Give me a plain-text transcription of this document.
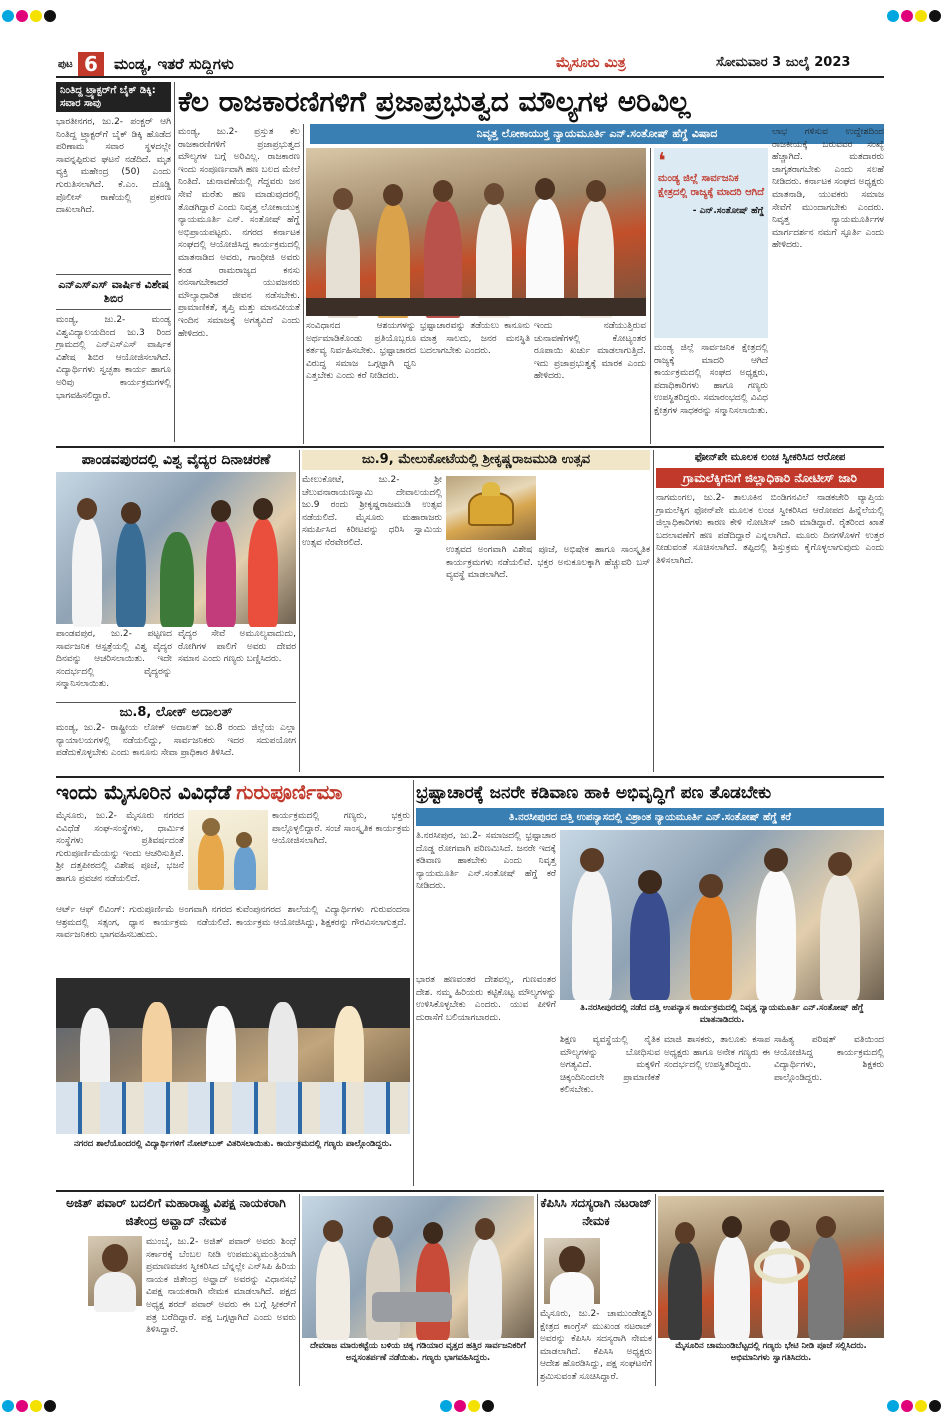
ಪುಟ 6	ಮಂಡ್ಯ, ಇತರೆ ಸುದ್ದಿಗಳು	ಮೈಸೂರು ಮಿತ್ರ	ಸೋಮವಾರ 3 ಜುಲೈ 2023
ನಿಂತಿದ್ದ ಟ್ರ್ಯಾಕ್ಟರ್‌ಗೆ ಬೈಕ್ ಡಿಕ್ಕಿ: ಸವಾರ ಸಾವು
ಭಾರತೀನಗರ, ಜು.2- ಪಂಕ್ಚರ್ ಆಗಿ ನಿಂತಿದ್ದ ಟ್ರ್ಯಾಕ್ಟರ್‌ಗೆ ಬೈಕ್ ಡಿಕ್ಕಿ ಹೊಡೆದ ಪರಿಣಾಮ ಸವಾರ ಸ್ಥಳದಲ್ಲೇ ಸಾವನ್ನಪ್ಪಿರುವ ಘಟನೆ ನಡೆದಿದೆ. ಮೃತ ವ್ಯಕ್ತಿ ಮಹೇಂದ್ರ (50) ಎಂದು ಗುರುತಿಸಲಾಗಿದೆ. ಕೆ.ಎಂ. ದೊಡ್ಡಿ ಪೊಲೀಸ್ ಠಾಣೆಯಲ್ಲಿ ಪ್ರಕರಣ ದಾಖಲಾಗಿದೆ.
ಎನ್‌ಎಸ್‌ಎಸ್ ವಾರ್ಷಿಕ ವಿಶೇಷ ಶಿಬಿರ
ಮಂಡ್ಯ, ಜು.2- ಮಂಡ್ಯ ವಿಶ್ವವಿದ್ಯಾಲಯದಿಂದ ಜು.3 ರಿಂದ ಗ್ರಾಮದಲ್ಲಿ ಎನ್‌ಎಸ್‌ಎಸ್ ವಾರ್ಷಿಕ ವಿಶೇಷ ಶಿಬಿರ ಆಯೋಜಿಸಲಾಗಿದೆ. ವಿದ್ಯಾರ್ಥಿಗಳು ಸ್ವಚ್ಛತಾ ಕಾರ್ಯ ಹಾಗೂ ಅರಿವು ಕಾರ್ಯಕ್ರಮಗಳಲ್ಲಿ ಭಾಗವಹಿಸಲಿದ್ದಾರೆ.
ಕೆಲ ರಾಜಕಾರಣಿಗಳಿಗೆ ಪ್ರಜಾಪ್ರಭುತ್ವದ ಮೌಲ್ಯಗಳ ಅರಿವಿಲ್ಲ
ನಿವೃತ್ತ ಲೋಕಾಯುಕ್ತ ನ್ಯಾಯಮೂರ್ತಿ ಎನ್.ಸಂತೋಷ್ ಹೆಗ್ಡೆ ವಿಷಾದ
ಮಂಡ್ಯ, ಜು.2- ಪ್ರಸ್ತುತ ಕೆಲ ರಾಜಕಾರಣಿಗಳಿಗೆ ಪ್ರಜಾಪ್ರಭುತ್ವದ ಮೌಲ್ಯಗಳ ಬಗ್ಗೆ ಅರಿವಿಲ್ಲ. ರಾಜಕಾರಣ ಇಂದು ಸಂಪೂರ್ಣವಾಗಿ ಹಣ ಬಲದ ಮೇಲೆ ನಿಂತಿದೆ. ಚುನಾವಣೆಯಲ್ಲಿ ಗೆದ್ದವರು ಜನ ಸೇವೆ ಮರೆತು ಹಣ ಮಾಡುವುದರಲ್ಲಿ ತೊಡಗಿದ್ದಾರೆ ಎಂದು ನಿವೃತ್ತ ಲೋಕಾಯುಕ್ತ ನ್ಯಾಯಮೂರ್ತಿ ಎನ್. ಸಂತೋಷ್ ಹೆಗ್ಡೆ ಅಭಿಪ್ರಾಯಪಟ್ಟರು. ನಗರದ ಕರ್ನಾಟಕ ಸಂಘದಲ್ಲಿ ಆಯೋಜಿಸಿದ್ದ ಕಾರ್ಯಕ್ರಮದಲ್ಲಿ ಮಾತನಾಡಿದ ಅವರು, ಗಾಂಧೀಜಿ ಅವರು ಕಂಡ ರಾಮರಾಜ್ಯದ ಕನಸು ನನಸಾಗಬೇಕಾದರೆ ಯುವಜನರು ಮೌಲ್ಯಾಧಾರಿತ ಜೀವನ ನಡೆಸಬೇಕು. ಪ್ರಾಮಾಣಿಕತೆ, ತೃಪ್ತಿ ಮತ್ತು ಮಾನವೀಯತೆ ಇಂದಿನ ಸಮಾಜಕ್ಕೆ ಅಗತ್ಯವಿದೆ ಎಂದು ಹೇಳಿದರು.
ಸಂವಿಧಾನದ ಆಶಯಗಳನ್ನು ಅರ್ಥಮಾಡಿಕೊಂಡು ಪ್ರತಿಯೊಬ್ಬರೂ ಕರ್ತವ್ಯ ನಿರ್ವಹಿಸಬೇಕು. ಭ್ರಷ್ಟಾಚಾರದ ವಿರುದ್ಧ ಸಮಾಜ ಒಗ್ಗಟ್ಟಾಗಿ ಧ್ವನಿ ಎತ್ತಬೇಕು ಎಂದು ಕರೆ ನೀಡಿದರು.
ಭ್ರಷ್ಟಾಚಾರವನ್ನು ತಡೆಯಲು ಕಾನೂನು ಮಾತ್ರ ಸಾಲದು, ಜನರ ಮನಸ್ಥಿತಿ ಬದಲಾಗಬೇಕು ಎಂದರು.
ಇಂದು ನಡೆಯುತ್ತಿರುವ ಚುನಾವಣೆಗಳಲ್ಲಿ ಕೋಟ್ಯಂತರ ರೂಪಾಯಿ ಖರ್ಚು ಮಾಡಲಾಗುತ್ತಿದೆ. ಇದು ಪ್ರಜಾಪ್ರಭುತ್ವಕ್ಕೆ ಮಾರಕ ಎಂದು ಹೇಳಿದರು.
❛
ಮಂಡ್ಯ ಜಿಲ್ಲೆ ಸಾರ್ವಜನಿಕ ಕ್ಷೇತ್ರದಲ್ಲಿ ರಾಜ್ಯಕ್ಕೆ ಮಾದರಿ ಆಗಿದೆ
- ಎನ್.ಸಂತೋಷ್ ಹೆಗ್ಡೆ
ಮಂಡ್ಯ ಜಿಲ್ಲೆ ಸಾರ್ವಜನಿಕ ಕ್ಷೇತ್ರದಲ್ಲಿ ರಾಜ್ಯಕ್ಕೆ ಮಾದರಿ ಆಗಿದೆ ಕಾರ್ಯಕ್ರಮದಲ್ಲಿ ಸಂಘದ ಅಧ್ಯಕ್ಷರು, ಪದಾಧಿಕಾರಿಗಳು ಹಾಗೂ ಗಣ್ಯರು ಉಪಸ್ಥಿತರಿದ್ದರು. ಸಮಾರಂಭದಲ್ಲಿ ವಿವಿಧ ಕ್ಷೇತ್ರಗಳ ಸಾಧಕರನ್ನು ಸನ್ಮಾನಿಸಲಾಯಿತು.
ಲಾಭ ಗಳಿಸುವ ಉದ್ದೇಶದಿಂದ ರಾಜಕೀಯಕ್ಕೆ ಬರುವವರ ಸಂಖ್ಯೆ ಹೆಚ್ಚಾಗಿದೆ. ಮತದಾರರು ಜಾಗೃತರಾಗಬೇಕು ಎಂದು ಸಲಹೆ ನೀಡಿದರು. ಕರ್ನಾಟಕ ಸಂಘದ ಅಧ್ಯಕ್ಷರು ಮಾತನಾಡಿ, ಯುವಕರು ಸಮಾಜ ಸೇವೆಗೆ ಮುಂದಾಗಬೇಕು ಎಂದರು. ನಿವೃತ್ತ ನ್ಯಾಯಮೂರ್ತಿಗಳ ಮಾರ್ಗದರ್ಶನ ನಮಗೆ ಸ್ಫೂರ್ತಿ ಎಂದು ಹೇಳಿದರು.
ಪಾಂಡವಪುರದಲ್ಲಿ ವಿಶ್ವ ವೈದ್ಯರ ದಿನಾಚರಣೆ
ಪಾಂಡವಪುರ, ಜು.2- ಪಟ್ಟಣದ ಸಾರ್ವಜನಿಕ ಆಸ್ಪತ್ರೆಯಲ್ಲಿ ವಿಶ್ವ ವೈದ್ಯರ ದಿನವನ್ನು ಆಚರಿಸಲಾಯಿತು. ಇದೇ ಸಂದರ್ಭದಲ್ಲಿ ವೈದ್ಯರನ್ನು ಸನ್ಮಾನಿಸಲಾಯಿತು.
ವೈದ್ಯರ ಸೇವೆ ಅಮೂಲ್ಯವಾದುದು, ರೋಗಿಗಳ ಪಾಲಿಗೆ ಅವರು ದೇವರ ಸಮಾನ ಎಂದು ಗಣ್ಯರು ಬಣ್ಣಿಸಿದರು.
ಜು.8, ಲೋಕ್ ಅದಾಲತ್
ಮಂಡ್ಯ, ಜು.2- ರಾಷ್ಟ್ರೀಯ ಲೋಕ್ ಅದಾಲತ್ ಜು.8 ರಂದು ಜಿಲ್ಲೆಯ ಎಲ್ಲಾ ನ್ಯಾಯಾಲಯಗಳಲ್ಲಿ ನಡೆಯಲಿದ್ದು, ಸಾರ್ವಜನಿಕರು ಇದರ ಸದುಪಯೋಗ ಪಡೆದುಕೊಳ್ಳಬೇಕು ಎಂದು ಕಾನೂನು ಸೇವಾ ಪ್ರಾಧಿಕಾರ ತಿಳಿಸಿದೆ.
ಜು.9, ಮೇಲುಕೋಟೆಯಲ್ಲಿ ಶ್ರೀಕೃಷ್ಣರಾಜಮುಡಿ ಉತ್ಸವ
ಮೇಲುಕೋಟೆ, ಜು.2- ಶ್ರೀ ಚೆಲುವನಾರಾಯಣಸ್ವಾಮಿ ದೇವಾಲಯದಲ್ಲಿ ಜು.9 ರಂದು ಶ್ರೀಕೃಷ್ಣರಾಜಮುಡಿ ಉತ್ಸವ ನಡೆಯಲಿದೆ. ಮೈಸೂರು ಮಹಾರಾಜರು ಸಮರ್ಪಿಸಿದ ಕಿರೀಟವನ್ನು ಧರಿಸಿ ಸ್ವಾಮಿಯ ಉತ್ಸವ ನೆರವೇರಲಿದೆ.
ಉತ್ಸವದ ಅಂಗವಾಗಿ ವಿಶೇಷ ಪೂಜೆ, ಅಭಿಷೇಕ ಹಾಗೂ ಸಾಂಸ್ಕೃತಿಕ ಕಾರ್ಯಕ್ರಮಗಳು ನಡೆಯಲಿವೆ. ಭಕ್ತರ ಅನುಕೂಲಕ್ಕಾಗಿ ಹೆಚ್ಚುವರಿ ಬಸ್ ವ್ಯವಸ್ಥೆ ಮಾಡಲಾಗಿದೆ.
ಫೋನ್‌ಪೇ ಮೂಲಕ ಲಂಚ ಸ್ವೀಕರಿಸಿದ ಆರೋಪ
ಗ್ರಾಮಲೆಕ್ಕಿಗನಿಗೆ ಜಿಲ್ಲಾಧಿಕಾರಿ ನೋಟೀಸ್ ಜಾರಿ
ನಾಗಮಂಗಲ, ಜು.2- ತಾಲೂಕಿನ ಬಿಂಡಿಗನವಿಲೆ ನಾಡಕಚೇರಿ ವ್ಯಾಪ್ತಿಯ ಗ್ರಾಮಲೆಕ್ಕಿಗ ಫೋನ್‌ಪೇ ಮೂಲಕ ಲಂಚ ಸ್ವೀಕರಿಸಿದ ಆರೋಪದ ಹಿನ್ನೆಲೆಯಲ್ಲಿ ಜಿಲ್ಲಾಧಿಕಾರಿಗಳು ಕಾರಣ ಕೇಳಿ ನೋಟೀಸ್ ಜಾರಿ ಮಾಡಿದ್ದಾರೆ. ರೈತರಿಂದ ಖಾತೆ ಬದಲಾವಣೆಗೆ ಹಣ ಪಡೆದಿದ್ದಾರೆ ಎನ್ನಲಾಗಿದೆ. ಮೂರು ದಿನಗಳೊಳಗೆ ಉತ್ತರ ನೀಡುವಂತೆ ಸೂಚಿಸಲಾಗಿದೆ. ತಪ್ಪಿದಲ್ಲಿ ಶಿಸ್ತುಕ್ರಮ ಕೈಗೊಳ್ಳಲಾಗುವುದು ಎಂದು ತಿಳಿಸಲಾಗಿದೆ.
ಇಂದು ಮೈಸೂರಿನ ವಿವಿಧೆಡೆ ಗುರುಪೂರ್ಣಿಮಾ
ಮೈಸೂರು, ಜು.2- ಮೈಸೂರು ನಗರದ ವಿವಿಧೆಡೆ ಸಂಘ-ಸಂಸ್ಥೆಗಳು, ಧಾರ್ಮಿಕ ಸಂಸ್ಥೆಗಳು ಪ್ರತಿವರ್ಷದಂತೆ ಗುರುಪೂರ್ಣಿಮೆಯನ್ನು ಇಂದು ಆಚರಿಸುತ್ತಿವೆ. ಶ್ರೀ ದತ್ತಪೀಠದಲ್ಲಿ ವಿಶೇಷ ಪೂಜೆ, ಭಜನೆ ಹಾಗೂ ಪ್ರವಚನ ನಡೆಯಲಿದೆ.
ಕಾರ್ಯಕ್ರಮದಲ್ಲಿ ಗಣ್ಯರು, ಭಕ್ತರು ಪಾಲ್ಗೊಳ್ಳಲಿದ್ದಾರೆ. ಸಂಜೆ ಸಾಂಸ್ಕೃತಿಕ ಕಾರ್ಯಕ್ರಮ ಆಯೋಜಿಸಲಾಗಿದೆ.
ಆರ್ಟ್ ಆಫ್ ಲಿವಿಂಗ್: ಗುರುಪೂರ್ಣಿಮೆ ಅಂಗವಾಗಿ ನಗರದ ಆಶ್ರಮದಲ್ಲಿ ಸತ್ಸಂಗ, ಧ್ಯಾನ ಕಾರ್ಯಕ್ರಮ ನಡೆಯಲಿದೆ. ಸಾರ್ವಜನಿಕರು ಭಾಗವಹಿಸಬಹುದು.
ಕುವೆಂಪುನಗರದ ಶಾಲೆಯಲ್ಲಿ ವಿದ್ಯಾರ್ಥಿಗಳು ಗುರುವಂದನಾ ಕಾರ್ಯಕ್ರಮ ಆಯೋಜಿಸಿದ್ದು, ಶಿಕ್ಷಕರನ್ನು ಗೌರವಿಸಲಾಗುತ್ತದೆ.
ನಗರದ ಶಾಲೆಯೊಂದರಲ್ಲಿ ವಿದ್ಯಾರ್ಥಿಗಳಿಗೆ ನೋಟ್‌ಬುಕ್ ವಿತರಿಸಲಾಯಿತು. ಕಾರ್ಯಕ್ರಮದಲ್ಲಿ ಗಣ್ಯರು ಪಾಲ್ಗೊಂಡಿದ್ದರು.
ಭ್ರಷ್ಟಾಚಾರಕ್ಕೆ ಜನರೇ ಕಡಿವಾಣ ಹಾಕಿ ಅಭಿವೃದ್ಧಿಗೆ ಪಣ ತೊಡಬೇಕು
ತಿ.ನರಸೀಪುರದ ದತ್ತಿ ಉಪನ್ಯಾಸದಲ್ಲಿ ವಿಶ್ರಾಂತ ನ್ಯಾಯಮೂರ್ತಿ ಎನ್.ಸಂತೋಷ್ ಹೆಗ್ಡೆ ಕರೆ
ತಿ.ನರಸೀಪುರ, ಜು.2- ಸಮಾಜದಲ್ಲಿ ಭ್ರಷ್ಟಾಚಾರ ದೊಡ್ಡ ರೋಗವಾಗಿ ಪರಿಣಮಿಸಿದೆ. ಜನರೇ ಇದಕ್ಕೆ ಕಡಿವಾಣ ಹಾಕಬೇಕು ಎಂದು ನಿವೃತ್ತ ನ್ಯಾಯಮೂರ್ತಿ ಎನ್.ಸಂತೋಷ್ ಹೆಗ್ಡೆ ಕರೆ ನೀಡಿದರು.
ತಿ.ನರಸೀಪುರದಲ್ಲಿ ನಡೆದ ದತ್ತಿ ಉಪನ್ಯಾಸ ಕಾರ್ಯಕ್ರಮದಲ್ಲಿ ನಿವೃತ್ತ ನ್ಯಾಯಮೂರ್ತಿ ಎನ್.ಸಂತೋಷ್ ಹೆಗ್ಡೆ ಮಾತನಾಡಿದರು.
ಭಾರತ ಹಣವಂತರ ದೇಶವಲ್ಲ, ಗುಣವಂತರ ದೇಶ. ನಮ್ಮ ಹಿರಿಯರು ಕಟ್ಟಿಕೊಟ್ಟ ಮೌಲ್ಯಗಳನ್ನು ಉಳಿಸಿಕೊಳ್ಳಬೇಕು ಎಂದರು. ಯುವ ಪೀಳಿಗೆ ದುರಾಸೆಗೆ ಬಲಿಯಾಗಬಾರದು.
ಶಿಕ್ಷಣ ವ್ಯವಸ್ಥೆಯಲ್ಲಿ ನೈತಿಕ ಮೌಲ್ಯಗಳನ್ನು ಬೋಧಿಸುವ ಅಗತ್ಯವಿದೆ. ಮಕ್ಕಳಿಗೆ ಚಿಕ್ಕಂದಿನಿಂದಲೇ ಪ್ರಾಮಾಣಿಕತೆ ಕಲಿಸಬೇಕು.
ಮಾಜಿ ಶಾಸಕರು, ತಾಲೂಕು ಕಸಾಪ ಅಧ್ಯಕ್ಷರು ಹಾಗೂ ಅನೇಕ ಗಣ್ಯರು ಈ ಸಂದರ್ಭದಲ್ಲಿ ಉಪಸ್ಥಿತರಿದ್ದರು.
ಸಾಹಿತ್ಯ ಪರಿಷತ್ ವತಿಯಿಂದ ಆಯೋಜಿಸಿದ್ದ ಕಾರ್ಯಕ್ರಮದಲ್ಲಿ ವಿದ್ಯಾರ್ಥಿಗಳು, ಶಿಕ್ಷಕರು ಪಾಲ್ಗೊಂಡಿದ್ದರು.
ಅಜಿತ್ ಪವಾರ್ ಬದಲಿಗೆ ಮಹಾರಾಷ್ಟ್ರ ವಿಪಕ್ಷ ನಾಯಕರಾಗಿ ಜಿತೇಂದ್ರ ಅವ್ಹಾದ್ ನೇಮಕ
ಮುಂಬೈ, ಜು.2- ಅಜಿತ್ ಪವಾರ್ ಅವರು ಶಿಂಧೆ ಸರ್ಕಾರಕ್ಕೆ ಬೆಂಬಲ ನೀಡಿ ಉಪಮುಖ್ಯಮಂತ್ರಿಯಾಗಿ ಪ್ರಮಾಣವಚನ ಸ್ವೀಕರಿಸಿದ ಬೆನ್ನಲ್ಲೇ ಎನ್‌ಸಿಪಿ ಹಿರಿಯ ನಾಯಕ ಜಿತೇಂದ್ರ ಅವ್ಹಾದ್ ಅವರನ್ನು ವಿಧಾನಸಭೆ ವಿಪಕ್ಷ ನಾಯಕರಾಗಿ ನೇಮಕ ಮಾಡಲಾಗಿದೆ. ಪಕ್ಷದ ಅಧ್ಯಕ್ಷ ಶರದ್ ಪವಾರ್ ಅವರು ಈ ಬಗ್ಗೆ ಸ್ಪೀಕರ್‌ಗೆ ಪತ್ರ ಬರೆದಿದ್ದಾರೆ. ಪಕ್ಷ ಒಗ್ಗಟ್ಟಾಗಿದೆ ಎಂದು ಅವರು ತಿಳಿಸಿದ್ದಾರೆ.
ದೇವರಾಜ ಮಾರುಕಟ್ಟೆಯ ಬಳಿಯ ಚಿಕ್ಕ ಗಡಿಯಾರ ವೃತ್ತದ ಹತ್ತಿರ ಸಾರ್ವಜನಿಕರಿಗೆ ಅನ್ನಸಂತರ್ಪಣೆ ನಡೆಯಿತು. ಗಣ್ಯರು ಭಾಗವಹಿಸಿದ್ದರು.
ಕೆಪಿಸಿಸಿ ಸದಸ್ಯರಾಗಿ ನಟರಾಜ್ ನೇಮಕ
ಮೈಸೂರು, ಜು.2- ಚಾಮುಂಡೇಶ್ವರಿ ಕ್ಷೇತ್ರದ ಕಾಂಗ್ರೆಸ್ ಮುಖಂಡ ನಟರಾಜ್ ಅವರನ್ನು ಕೆಪಿಸಿಸಿ ಸದಸ್ಯರಾಗಿ ನೇಮಕ ಮಾಡಲಾಗಿದೆ. ಕೆಪಿಸಿಸಿ ಅಧ್ಯಕ್ಷರು ಆದೇಶ ಹೊರಡಿಸಿದ್ದು, ಪಕ್ಷ ಸಂಘಟನೆಗೆ ಶ್ರಮಿಸುವಂತೆ ಸೂಚಿಸಿದ್ದಾರೆ.
ಮೈಸೂರಿನ ಚಾಮುಂಡಿಬೆಟ್ಟದಲ್ಲಿ ಗಣ್ಯರು ಭೇಟಿ ನೀಡಿ ಪೂಜೆ ಸಲ್ಲಿಸಿದರು. ಅಭಿಮಾನಿಗಳು ಸ್ವಾಗತಿಸಿದರು.
